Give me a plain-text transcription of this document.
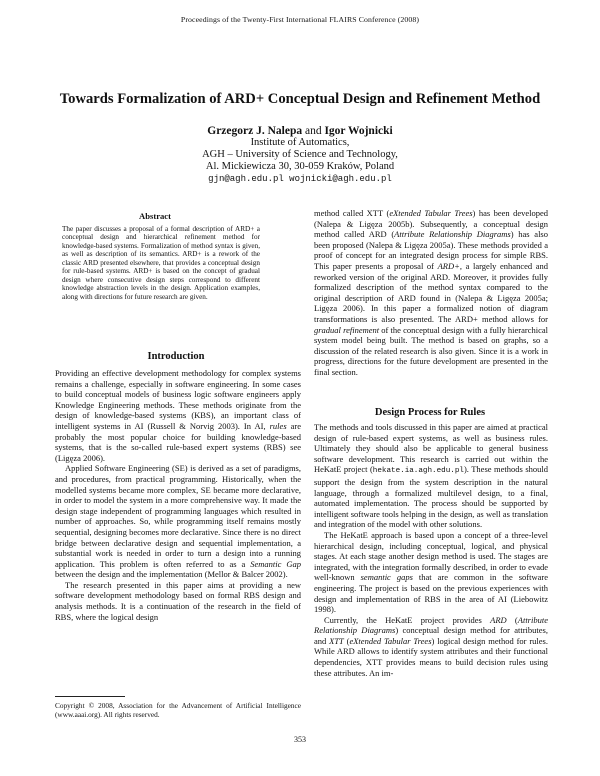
Proceedings of the Twenty-First International FLAIRS Conference (2008)
Towards Formalization of ARD+ Conceptual Design and Refinement Method
Grzegorz J. Nalepa and Igor Wojnicki
Institute of Automatics,
AGH – University of Science and Technology,
Al. Mickiewicza 30, 30-059 Kraków, Poland
gjn@agh.edu.pl wojnicki@agh.edu.pl
Abstract

The paper discusses a proposal of a formal description of ARD+ a conceptual design and hierarchical refinement method for knowledge-based systems. Formalization of method syntax is given, as well as description of its semantics. ARD+ is a rework of the classic ARD presented elsewhere, that provides a conceptual design for rule-based systems. ARD+ is based on the concept of gradual design where consecutive design steps correspond to different knowledge abstraction levels in the design. Application examples, along with directions for future research are given.

Introduction

Providing an effective development methodology for complex systems remains a challenge, especially in software engineering. In some cases to build conceptual models of business logic software engineers apply Knowledge Engineering methods. These methods originate from the design of knowledge-based systems (KBS), an important class of intelligent systems in AI (Russell & Norvig 2003). In AI, rules are probably the most popular choice for building knowledge-based systems, that is the so-called rule-based expert systems (RBS) see (Ligęza 2006).

Applied Software Engineering (SE) is derived as a set of paradigms, and procedures, from practical programming. Historically, when the modelled systems became more complex, SE became more declarative, in order to model the system in a more comprehensive way. It made the design stage independent of programming languages which resulted in number of approaches. So, while programming itself remains mostly sequential, designing becomes more declarative. Since there is no direct bridge between declarative design and sequential implementation, a substantial work is needed in order to turn a design into a running application. This problem is often referred to as a Semantic Gap between the design and the implementation (Mellor & Balcer 2002).

The research presented in this paper aims at providing a new software development methodology based on formal RBS design and analysis methods. It is a continuation of the research in the field of RBS, where the logical design

method called XTT (eXtended Tabular Trees) has been developed (Nalepa & Ligęza 2005b). Subsequently, a conceptual design method called ARD (Attribute Relationship Diagrams) has also been proposed (Nalepa & Ligęza 2005a). These methods provided a proof of concept for an integrated design process for simple RBS. This paper presents a proposal of ARD+, a largely enhanced and reworked version of the original ARD. Moreover, it provides fully formalized description of the method syntax compared to the original description of ARD found in (Nalepa & Ligęza 2005a; Ligęza 2006). In this paper a formalized notion of diagram transformations is also presented. The ARD+ method allows for gradual refinement of the conceptual design with a fully hierarchical system model being built. The method is based on graphs, so a discussion of the related research is also given. Since it is a work in progress, directions for the future development are presented in the final section.

Design Process for Rules

The methods and tools discussed in this paper are aimed at practical design of rule-based expert systems, as well as business rules. Ultimately they should also be applicable to general business software development. This research is carried out within the HeKatE project (hekate.ia.agh.edu.pl). These methods should support the design from the system description in the natural language, through a formalized multilevel design, to a final, automated implementation. The process should be supported by intelligent software tools helping in the design, as well as translation and integration of the model with other solutions.

The HeKatE approach is based upon a concept of a three-level hierarchical design, including conceptual, logical, and physical stages. At each stage another design method is used. The stages are integrated, with the integration formally described, in order to evade well-known semantic gaps that are common in the software engineering. The project is based on the previous experiences with design and implementation of RBS in the area of AI (Liebowitz 1998).

Currently, the HeKatE project provides ARD (Attribute Relationship Diagrams) conceptual design method for attributes, and XTT (eXtended Tabular Trees) logical design method for rules. While ARD allows to identify system attributes and their functional dependencies, XTT provides means to build decision rules using these attributes. An im-

Copyright © 2008, Association for the Advancement of Artificial Intelligence (www.aaai.org). All rights reserved.

353
